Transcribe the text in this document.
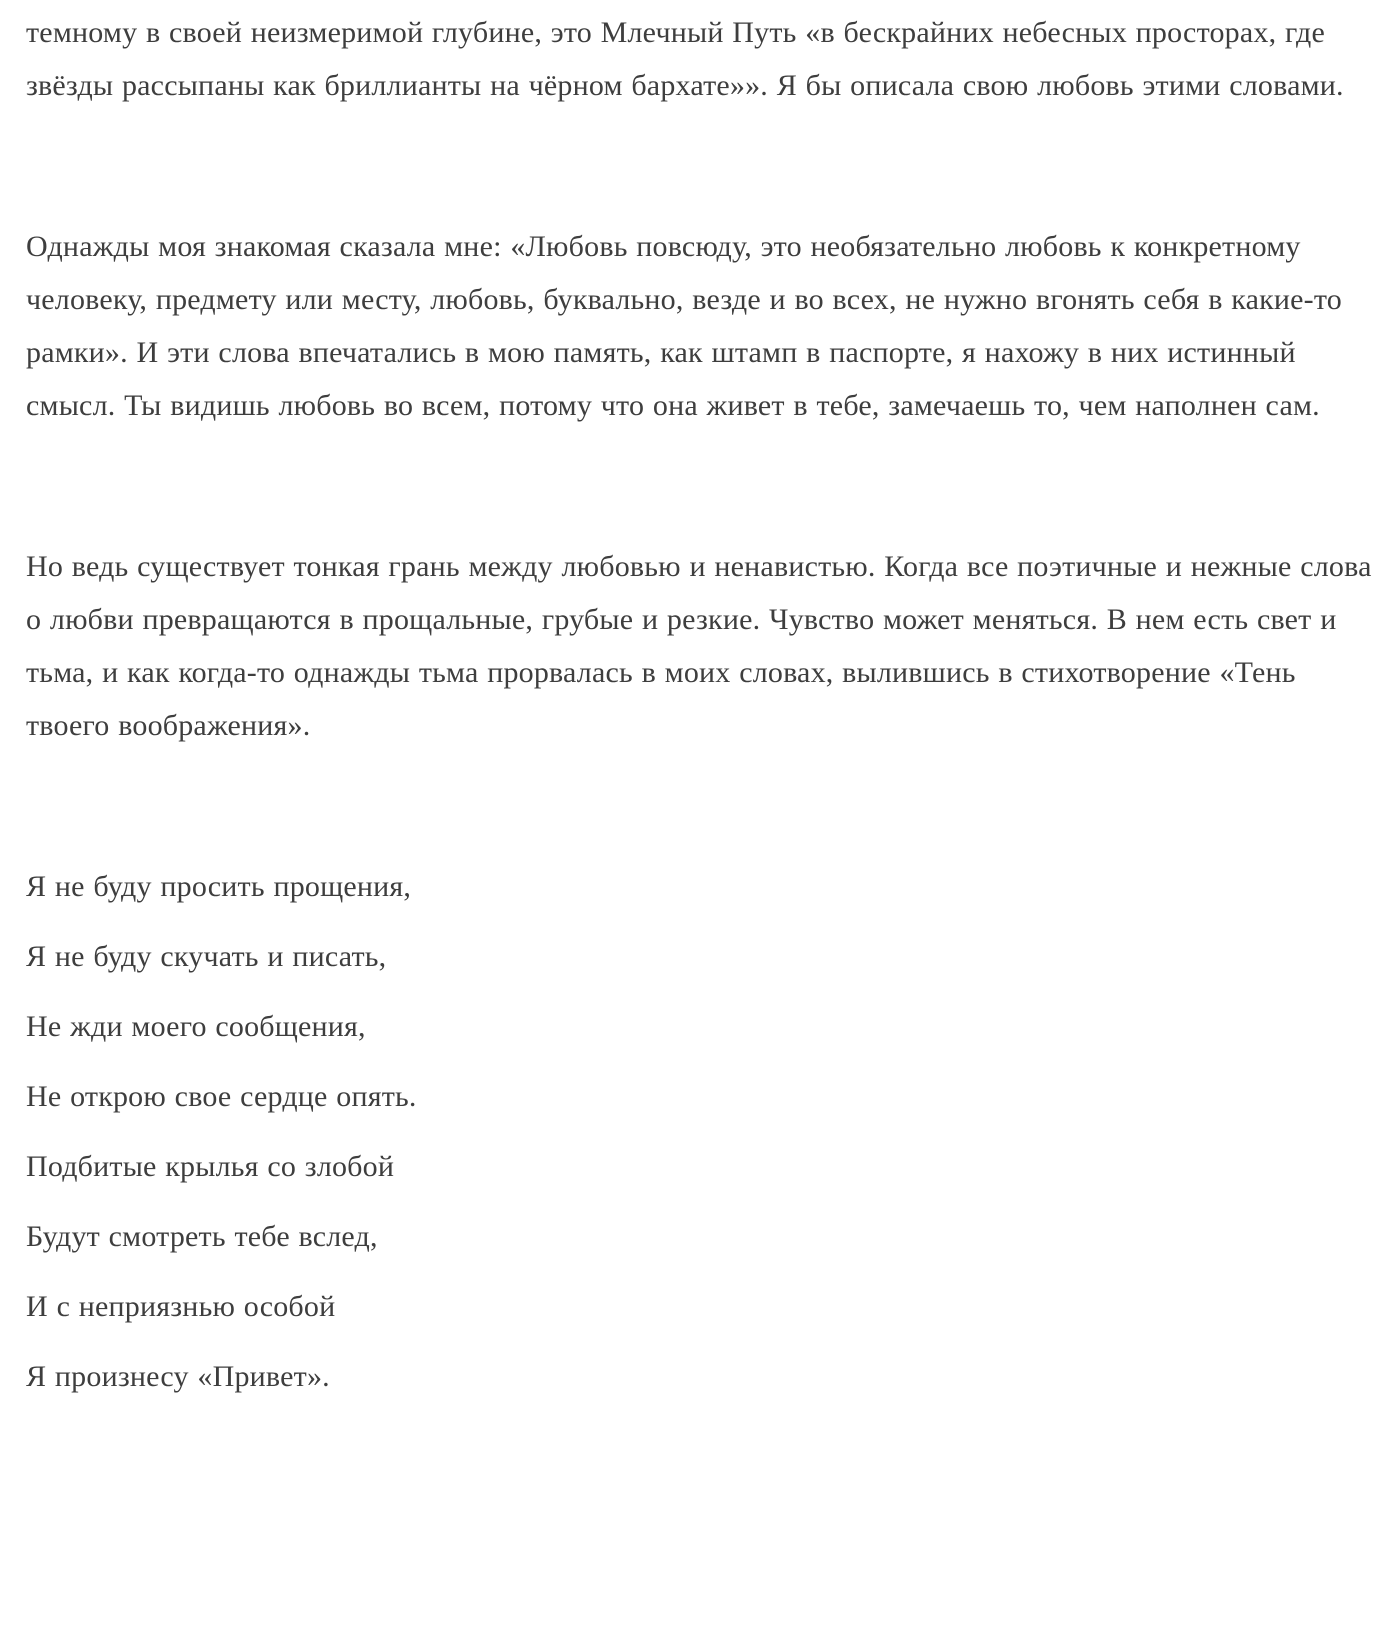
темному в своей неизмеримой глубине, это Млечный Путь «в бескрайних небесных просторах, где звёзды рассыпаны как бриллианты на чёрном бархате»». Я бы описала свою любовь этими словами.

Однажды моя знакомая сказала мне: «Любовь повсюду, это необязательно любовь к конкретному человеку, предмету или месту, любовь, буквально, везде и во всех, не нужно вгонять себя в какие-то рамки». И эти слова впечатались в мою память, как штамп в паспорте, я нахожу в них истинный смысл. Ты видишь любовь во всем, потому что она живет в тебе, замечаешь то, чем наполнен сам.

Но ведь существует тонкая грань между любовью и ненавистью. Когда все поэтичные и нежные слова о любви превращаются в прощальные, грубые и резкие. Чувство может меняться. В нем есть свет и тьма, и как когда-то однажды тьма прорвалась в моих словах, вылившись в стихотворение «Тень твоего воображения».

Я не буду просить прощения,

Я не буду скучать и писать,

Не жди моего сообщения,

Не открою свое сердце опять.

Подбитые крылья со злобой

Будут смотреть тебе вслед,

И с неприязнью особой

Я произнесу «Привет».
